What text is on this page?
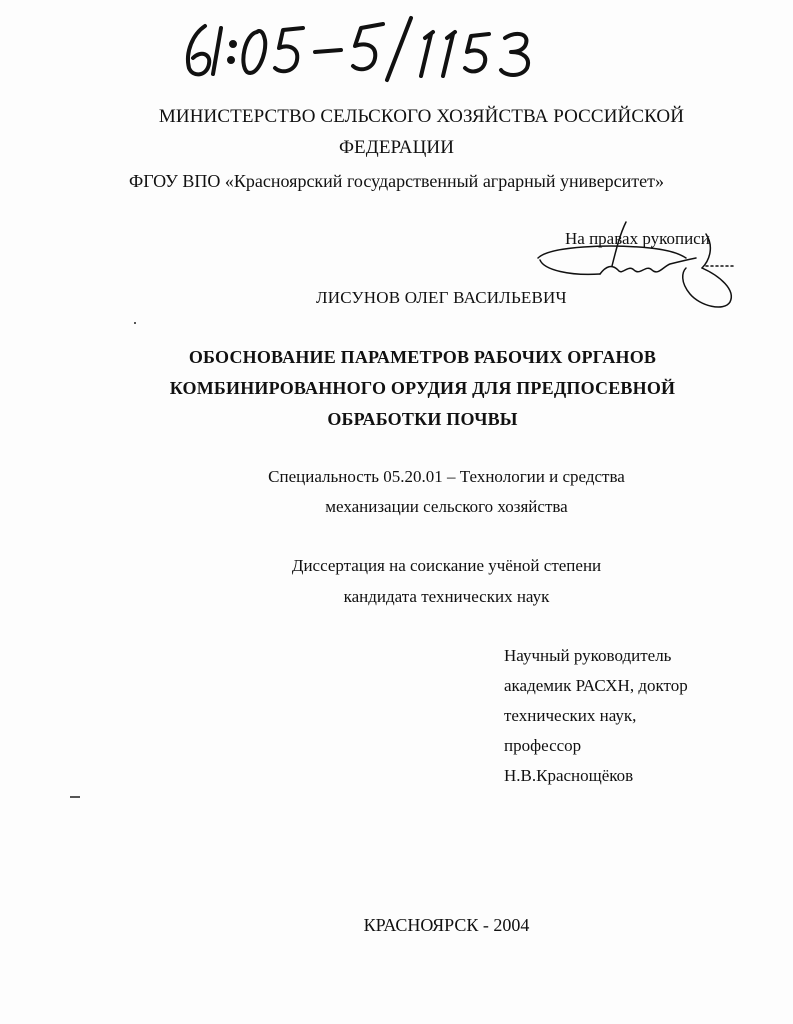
МИНИСТЕРСТВО СЕЛЬСКОГО ХОЗЯЙСТВА РОССИЙСКОЙ
ФЕДЕРАЦИИ
ФГОУ ВПО «Красноярский государственный аграрный университет»
На правах рукописи
ЛИСУНОВ ОЛЕГ ВАСИЛЬЕВИЧ
ОБОСНОВАНИЕ ПАРАМЕТРОВ РАБОЧИХ ОРГАНОВ
КОМБИНИРОВАННОГО ОРУДИЯ ДЛЯ ПРЕДПОСЕВНОЙ
ОБРАБОТКИ ПОЧВЫ
Специальность 05.20.01 – Технологии и средства
механизации сельского хозяйства
Диссертация на соискание учёной степени
кандидата технических наук
Научный руководитель
академик РАСХН, доктор
технических наук,
профессор
Н.В.Краснощёков
КРАСНОЯРСК - 2004
